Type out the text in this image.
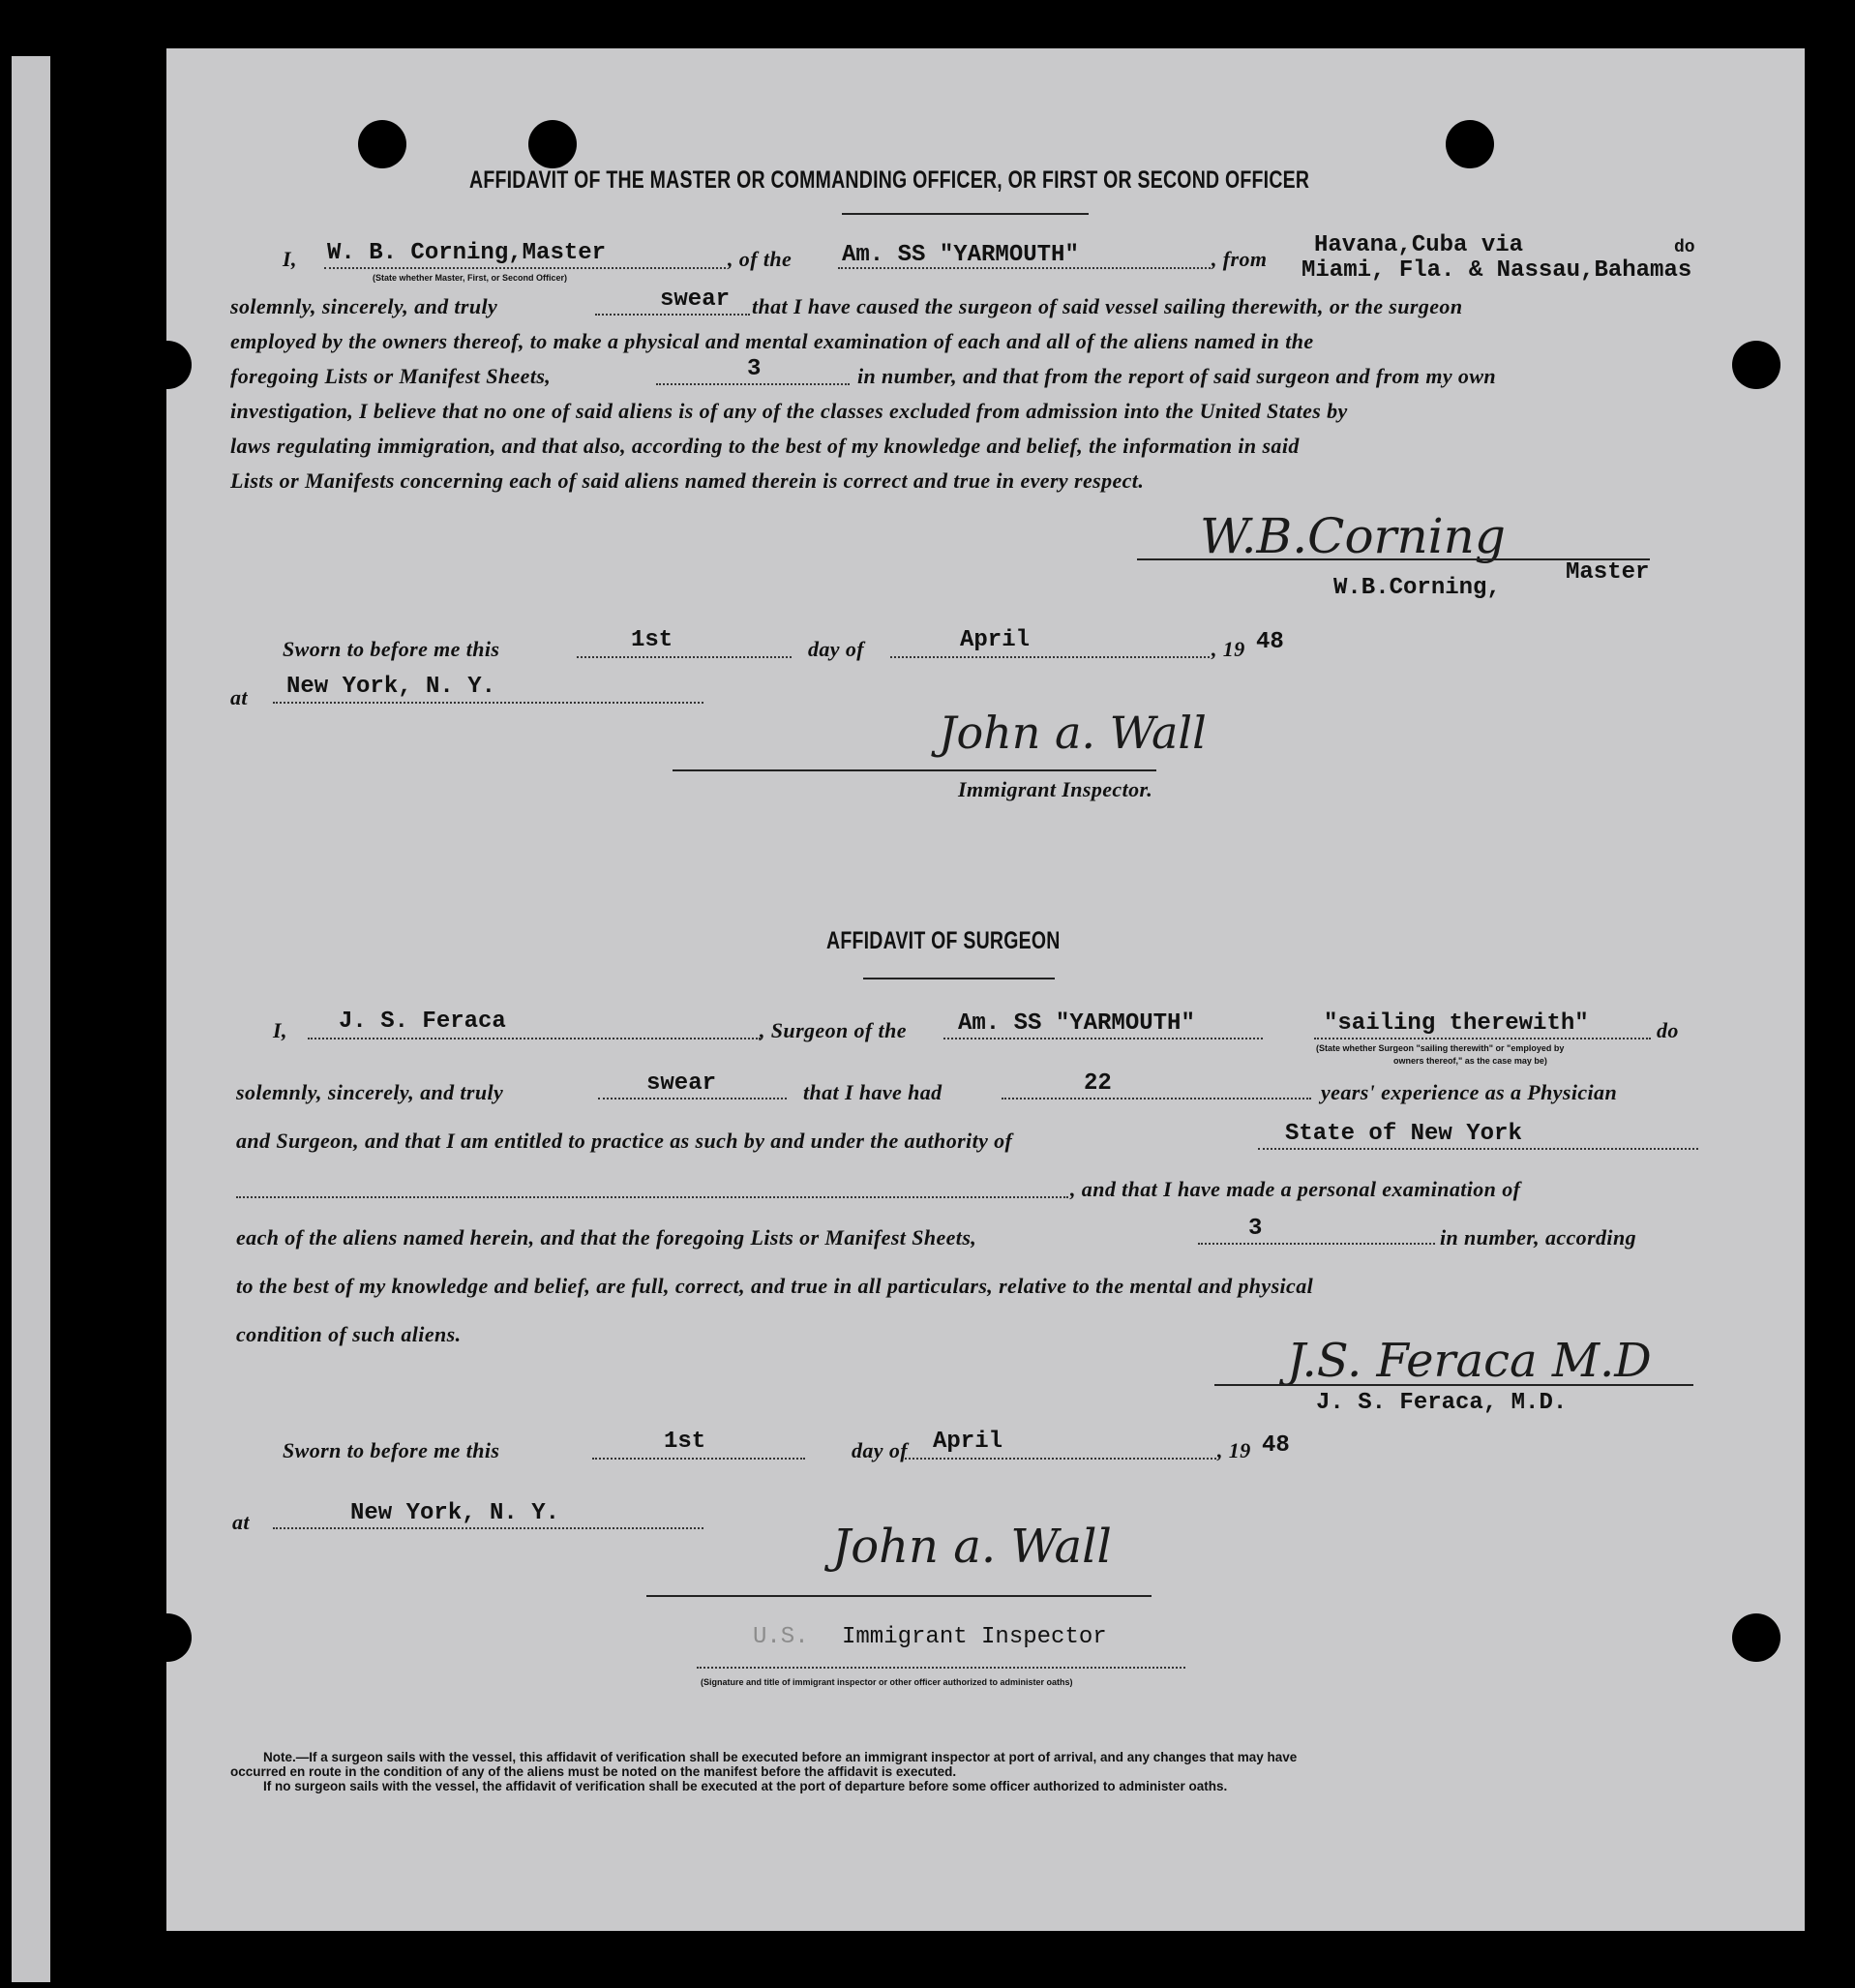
AFFIDAVIT OF THE MASTER OR COMMANDING OFFICER, OR FIRST OR SECOND OFFICER
I, W. B. Corning,Master
(State whether Master, First, or Second Officer)
, of the Am. SS "YARMOUTH"	, from
Havana,Cuba via
Miami, Fla. & Nassau,Bahamas
do
solemnly, sincerely, and truly	swear that I have caused the surgeon of said vessel sailing therewith, or the surgeon
employed by the owners thereof, to make a physical and mental examination of each and all of the aliens named in the
foregoing Lists or Manifest Sheets,	3	in number, and that from the report of said surgeon and from my own
investigation, I believe that no one of said aliens is of any of the classes excluded from admission into the United States by
laws regulating immigration, and that also, according to the best of my knowledge and belief, the information in said
Lists or Manifests concerning each of said aliens named therein is correct and true in every respect.
W.B.Corning
W.B.Corning,
Master
Sworn to before me this	1st	day of	April	, 19 48
at New York, N. Y.
John a. Wall
Immigrant Inspector.
AFFIDAVIT OF SURGEON
I, J. S. Feraca	, Surgeon of the Am. SS "YARMOUTH"	"sailing therewith"	do
(State whether Surgeon "sailing therewith" or "employed by
owners thereof," as the case may be)
solemnly, sincerely, and truly	swear	that I have had	22	years' experience as a Physician
and Surgeon, and that I am entitled to practice as such by and under the authority of	State of New York
, and that I have made a personal examination of
each of the aliens named herein, and that the foregoing Lists or Manifest Sheets,	3	in number, according
to the best of my knowledge and belief, are full, correct, and true in all particulars, relative to the mental and physical
condition of such aliens.	J.S. Feraca M.D
J. S. Feraca, M.D.
Sworn to before me this	1st	day of April	, 19 48
at	New York, N. Y.
John a. Wall
U.S. Immigrant Inspector
(Signature and title of immigrant inspector or other officer authorized to administer oaths)
Note.—If a surgeon sails with the vessel, this affidavit of verification shall be executed before an immigrant inspector at port of arrival, and any changes that may have
occurred en route in the condition of any of the aliens must be noted on the manifest before the affidavit is executed.
If no surgeon sails with the vessel, the affidavit of verification shall be executed at the port of departure before some officer authorized to administer oaths.
